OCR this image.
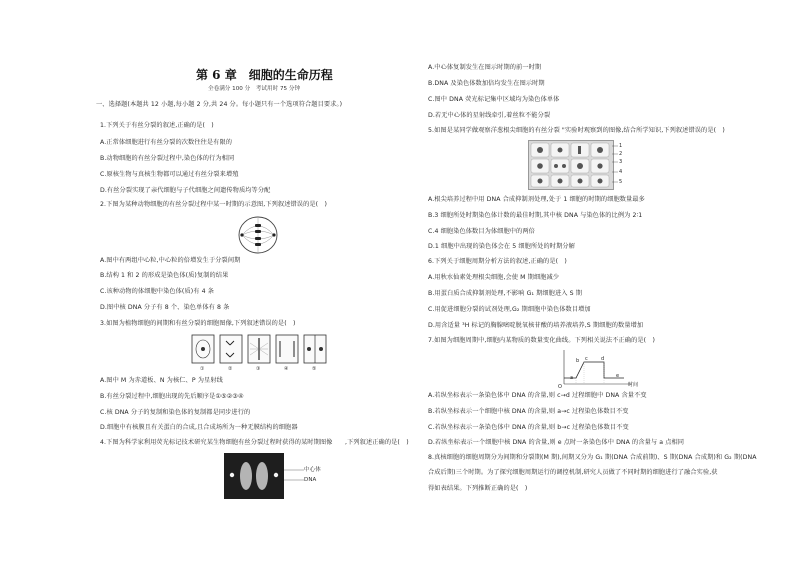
第 6 章　细胞的生命历程
全卷满分 100 分　考试用时 75 分钟
一、选择题(本题共 12 小题,每小题 2 分,共 24 分。每小题只有一个选项符合题目要求。)
1.下列关于有丝分裂的叙述,正确的是(　)
A.正常体细胞进行有丝分裂的次数往往是有限的
B.动物细胞的有丝分裂过程中,染色体的行为相同
C.原核生物与真核生物都可以通过有丝分裂来增殖
D.有丝分裂实现了亲代细胞与子代细胞之间遗传物质均等分配
2.下图为某种动物细胞的有丝分裂过程中某一时期的示意图,下列叙述错误的是(　)
A.图中有两组中心粒,中心粒的倍增发生于分裂间期
B.结构 1 和 2 的形成是染色体(质)复制的结果
C.该种动物的体细胞中染色体(质)有 4 条
D.图中核 DNA 分子有 8 个、染色单体有 8 条
3.如图为植物细胞的间期和有丝分裂的细胞图像,下列叙述错误的是(　)
①	②	③	④	⑤
A.图中 M 为赤道板、N 为核仁、P 为星射线
B.有丝分裂过程中,细胞出现的先后顺序是①⑤②③④
C.核 DNA 分子的复制和染色体的复制都是同步进行的
D.细胞中有核膜且有关蛋白的合成,且合成场所为一种无膜结构的细胞器
4.下图为科学家利用荧光标记技术研究某生物细胞有丝分裂过程时获得的某时期图像　　,下列叙述正确的是(　)
中心体
DNA
A.中心体复制发生在图示时期的前一时期
B.DNA 及染色体数加倍均发生在图示时期
C.图中 DNA 荧光标记集中区域均为染色体单体
D.若无中心体的星射线牵引,着丝粒不能分裂
5.如图是某同学做观察洋葱根尖细胞的有丝分裂 "实验时观察到的图像,结合所学知识,下列叙述错误的是(　)
1
2
3
4
5
A.根尖培养过程中用 DNA 合成抑制剂处理,处于 1 细胞的时期的细胞数量最多
B.3 细胞所处时期染色体计数的最佳时期,其中核 DNA 与染色体的比例为 2∶1
C.4 细胞染色体数目为体细胞中的两倍
D.1 细胞中出现的染色体会在 5 细胞所处的时期分解
6.下列关于细胞周期分析方法的叙述,正确的是(　)
A.用秋水仙素处理根尖细胞,会使 M 期细胞减少
B.用蛋白质合成抑制剂处理,不影响 G₁ 期细胞进入 S 期
C.用促进细胞分裂的试剂处理,G₂ 期细胞中染色体数目增加
D.用含适量 ³H 标记的胸腺嘧啶脱氧核苷酸的培养液培养,S 期细胞的数量增加
7.如图为细胞周期中,细胞内某物质的数量变化曲线。下列相关说法不正确的是(　)
a
b c	d
e
O	时间
A.若纵坐标表示一条染色体中 DNA 的含量,则 c→d 过程细胞中 DNA 含量不变
B.若纵坐标表示一个细胞中核 DNA 的含量,则 a→c 过程染色体数目不变
C.若纵坐标表示一条染色体中 DNA 的含量,则 b→c 过程染色体数目不变
D.若纵坐标表示一个细胞中核 DNA 的含量,则 e 点时一条染色体中 DNA 的含量与 a 点相同
8.真核细胞的细胞周期分为间期和分裂期(M 期),间期又分为 G₁ 期(DNA 合成前期)、S 期(DNA 合成期)和 G₂ 期(DNA
合成后期)三个时期。为了探究细胞周期运行的调控机制,研究人员做了不同时期的细胞进行了融合实验,获
得如表结果。下列推断正确的是(　)
